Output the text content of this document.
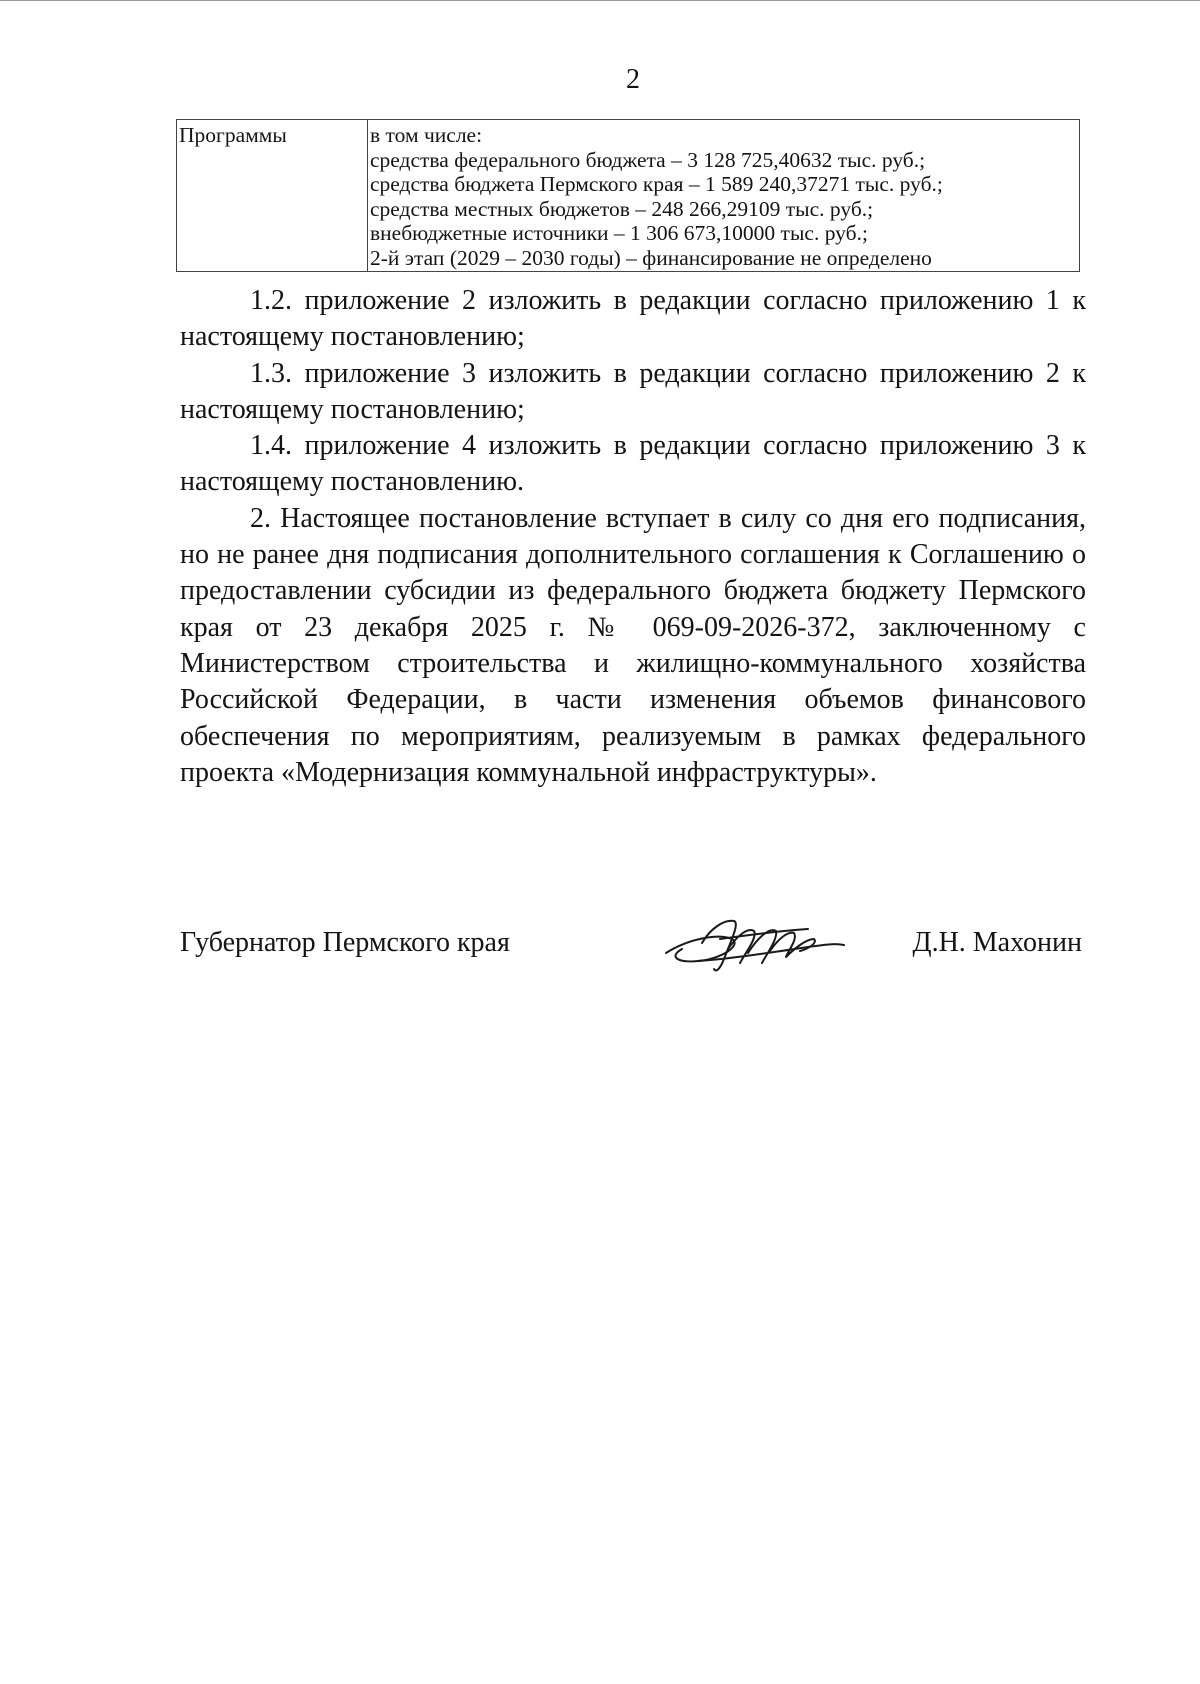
2
Программы	в том числе:
средства федерального бюджета – 3 128 725,40632 тыс. руб.;
средства бюджета Пермского края – 1 589 240,37271 тыс. руб.;
средства местных бюджетов – 248 266,29109 тыс. руб.;
внебюджетные источники – 1 306 673,10000 тыс. руб.;
2-й этап (2029 – 2030 годы) – финансирование не определено

1.2. приложение 2 изложить в редакции согласно приложению 1 к настоящему постановлению;

1.3. приложение 3 изложить в редакции согласно приложению 2 к настоящему постановлению;

1.4. приложение 4 изложить в редакции согласно приложению 3 к настоящему постановлению.

2. Настоящее постановление вступает в силу со дня его подписания, но не ранее дня подписания дополнительного соглашения к Соглашению о предоставлении субсидии из федерального бюджета бюджету Пермского края от 23 декабря 2025 г. № 069-09-2026-372, заключенному с Министерством строительства и жилищно-коммунального хозяйства Российской Федерации, в части изменения объемов финансового обеспечения по мероприятиям, реализуемым в рамках федерального проекта «Модернизация коммунальной инфраструктуры».

Губернатор Пермского края	Д.Н. Махонин
